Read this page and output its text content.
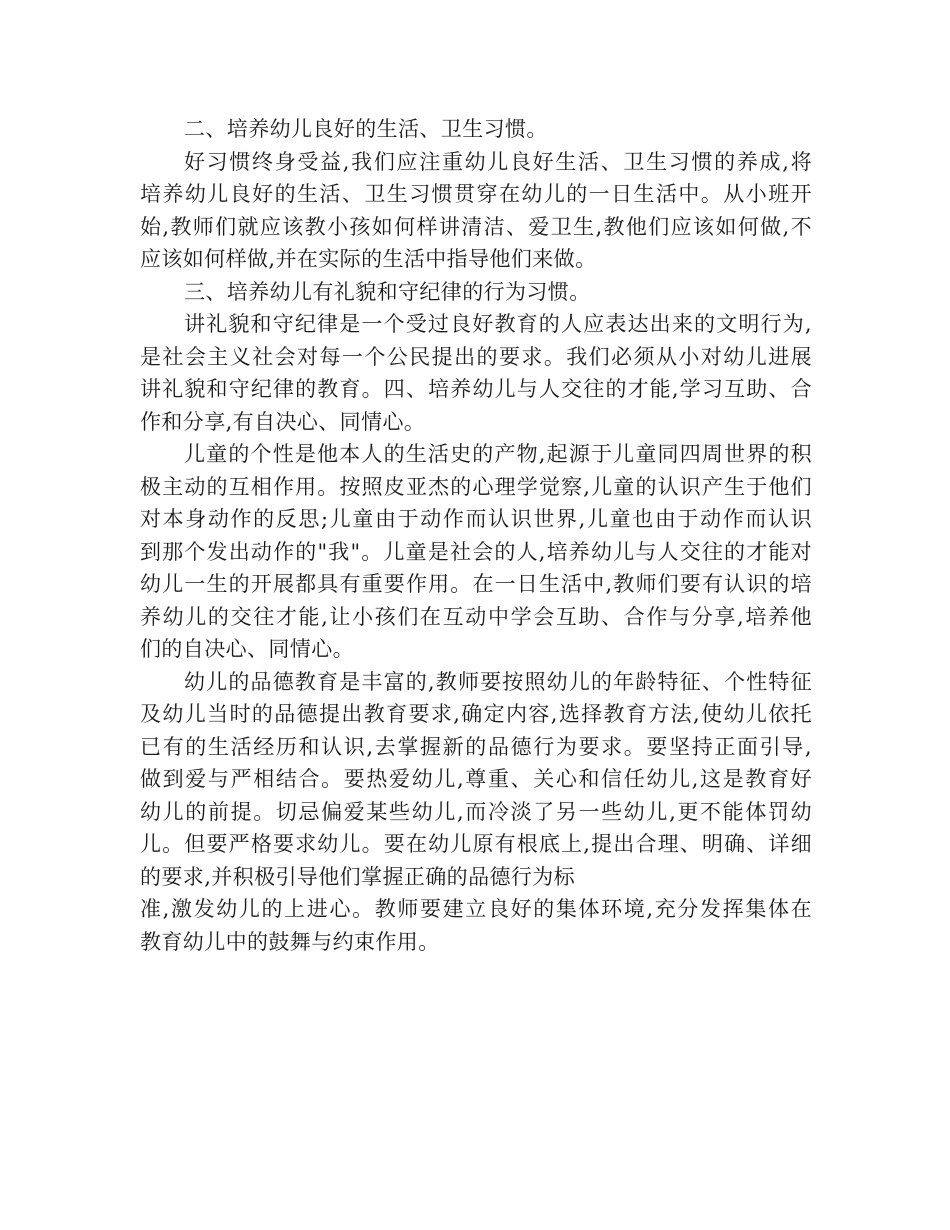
二、培养幼儿良好的生活、卫生习惯。
好习惯终身受益,我们应注重幼儿良好生活、卫生习惯的养成,将
培养幼儿良好的生活、卫生习惯贯穿在幼儿的一日生活中。从小班开
始,教师们就应该教小孩如何样讲清洁、爱卫生,教他们应该如何做,不
应该如何样做,并在实际的生活中指导他们来做。
三、培养幼儿有礼貌和守纪律的行为习惯。
讲礼貌和守纪律是一个受过良好教育的人应表达出来的文明行为,
是社会主义社会对每一个公民提出的要求。我们必须从小对幼儿进展
讲礼貌和守纪律的教育。四、培养幼儿与人交往的才能,学习互助、合
作和分享,有自决心、同情心。
儿童的个性是他本人的生活史的产物,起源于儿童同四周世界的积
极主动的互相作用。按照皮亚杰的心理学觉察,儿童的认识产生于他们
对本身动作的反思;儿童由于动作而认识世界,儿童也由于动作而认识
到那个发出动作的"我"。儿童是社会的人,培养幼儿与人交往的才能对
幼儿一生的开展都具有重要作用。在一日生活中,教师们要有认识的培
养幼儿的交往才能,让小孩们在互动中学会互助、合作与分享,培养他
们的自决心、同情心。
幼儿的品德教育是丰富的,教师要按照幼儿的年龄特征、个性特征
及幼儿当时的品德提出教育要求,确定内容,选择教育方法,使幼儿依托
已有的生活经历和认识,去掌握新的品德行为要求。要坚持正面引导,
做到爱与严相结合。要热爱幼儿,尊重、关心和信任幼儿,这是教育好
幼儿的前提。切忌偏爱某些幼儿,而冷淡了另一些幼儿,更不能体罚幼
儿。但要严格要求幼儿。要在幼儿原有根底上,提出合理、明确、详细
的要求,并积极引导他们掌握正确的品德行为标
准,激发幼儿的上进心。教师要建立良好的集体环境,充分发挥集体在
教育幼儿中的鼓舞与约束作用。
